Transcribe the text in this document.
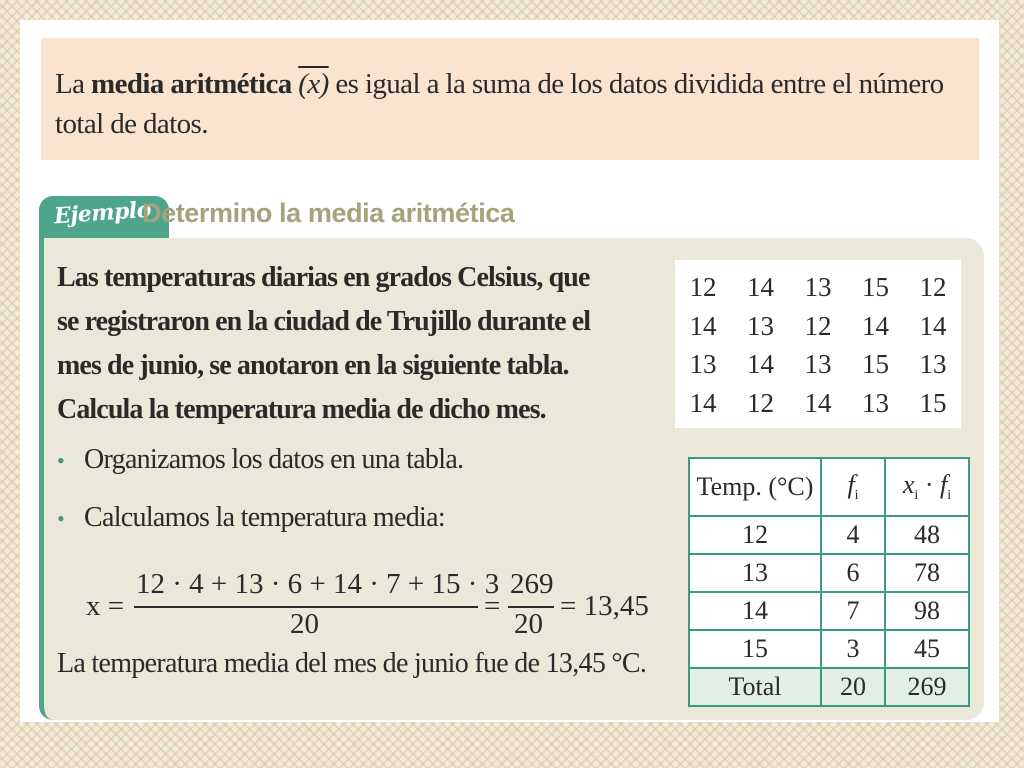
La media aritmética (x) es igual a la suma de los datos dividida entre el número total de datos.
Ejemplo
Determino la media aritmética
Las temperaturas diarias en grados Celsius, que
se registraron en la ciudad de Trujillo durante el
mes de junio, se anotaron en la siguiente tabla.
Calcula la temperatura media de dicho mes.
• Organizamos los datos en una tabla.
• Calculamos la temperatura media:
x =
12 · 4 + 13 · 6 + 14 · 7 + 15 · 3
20
=
269
20
= 13,45
La temperatura media del mes de junio fue de 13,45 °C.
12 14 13 15 12
14 13 12 14 14
13 14 13 15 13
14 12 14 13 15
Temp. (°C)	$f_i$	$x_i \cdot f_i$
12	4	48
13	6	78
14	7	98
15	3	45
Total	20	269
